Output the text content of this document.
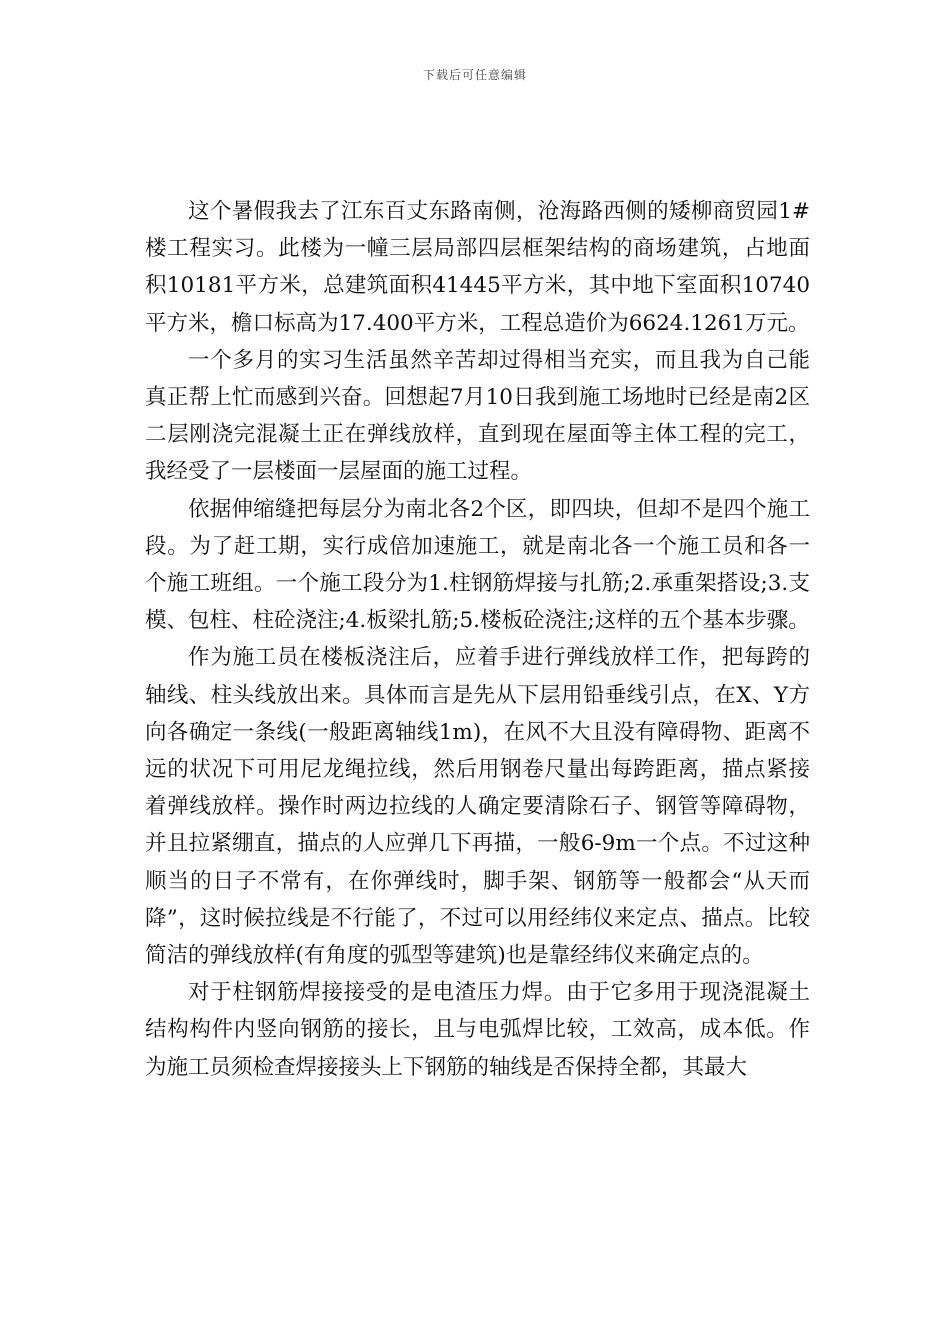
下载后可任意编辑

这个暑假我去了江东百丈东路南侧，沧海路西侧的矮柳商贸园1#楼工程实习。此楼为一幢三层局部四层框架结构的商场建筑，占地面积10181平方米，总建筑面积41445平方米，其中地下室面积10740平方米，檐口标高为17.400平方米，工程总造价为6624.1261万元。

一个多月的实习生活虽然辛苦却过得相当充实，而且我为自己能真正帮上忙而感到兴奋。回想起7月10日我到施工场地时已经是南2区二层刚浇完混凝土正在弹线放样，直到现在屋面等主体工程的完工，我经受了一层楼面一层屋面的施工过程。

依据伸缩缝把每层分为南北各2个区，即四块，但却不是四个施工段。为了赶工期，实行成倍加速施工，就是南北各一个施工员和各一个施工班组。一个施工段分为1.柱钢筋焊接与扎筋;2.承重架搭设;3.支模、包柱、柱砼浇注;4.板梁扎筋;5.楼板砼浇注;这样的五个基本步骤。

作为施工员在楼板浇注后，应着手进行弹线放样工作，把每跨的轴线、柱头线放出来。具体而言是先从下层用铅垂线引点，在X、Y方向各确定一条线(一般距离轴线1m)，在风不大且没有障碍物、距离不远的状况下可用尼龙绳拉线，然后用钢卷尺量出每跨距离，描点紧接着弹线放样。操作时两边拉线的人确定要清除石子、钢管等障碍物，并且拉紧绷直，描点的人应弹几下再描，一般6-9m一个点。不过这种顺当的日子不常有，在你弹线时，脚手架、钢筋等一般都会“从天而降”，这时候拉线是不行能了，不过可以用经纬仪来定点、描点。比较简洁的弹线放样(有角度的弧型等建筑)也是靠经纬仪来确定点的。

对于柱钢筋焊接接受的是电渣压力焊。由于它多用于现浇混凝土结构构件内竖向钢筋的接长，且与电弧焊比较，工效高，成本低。作为施工员须检查焊接接头上下钢筋的轴线是否保持全都，其最大
